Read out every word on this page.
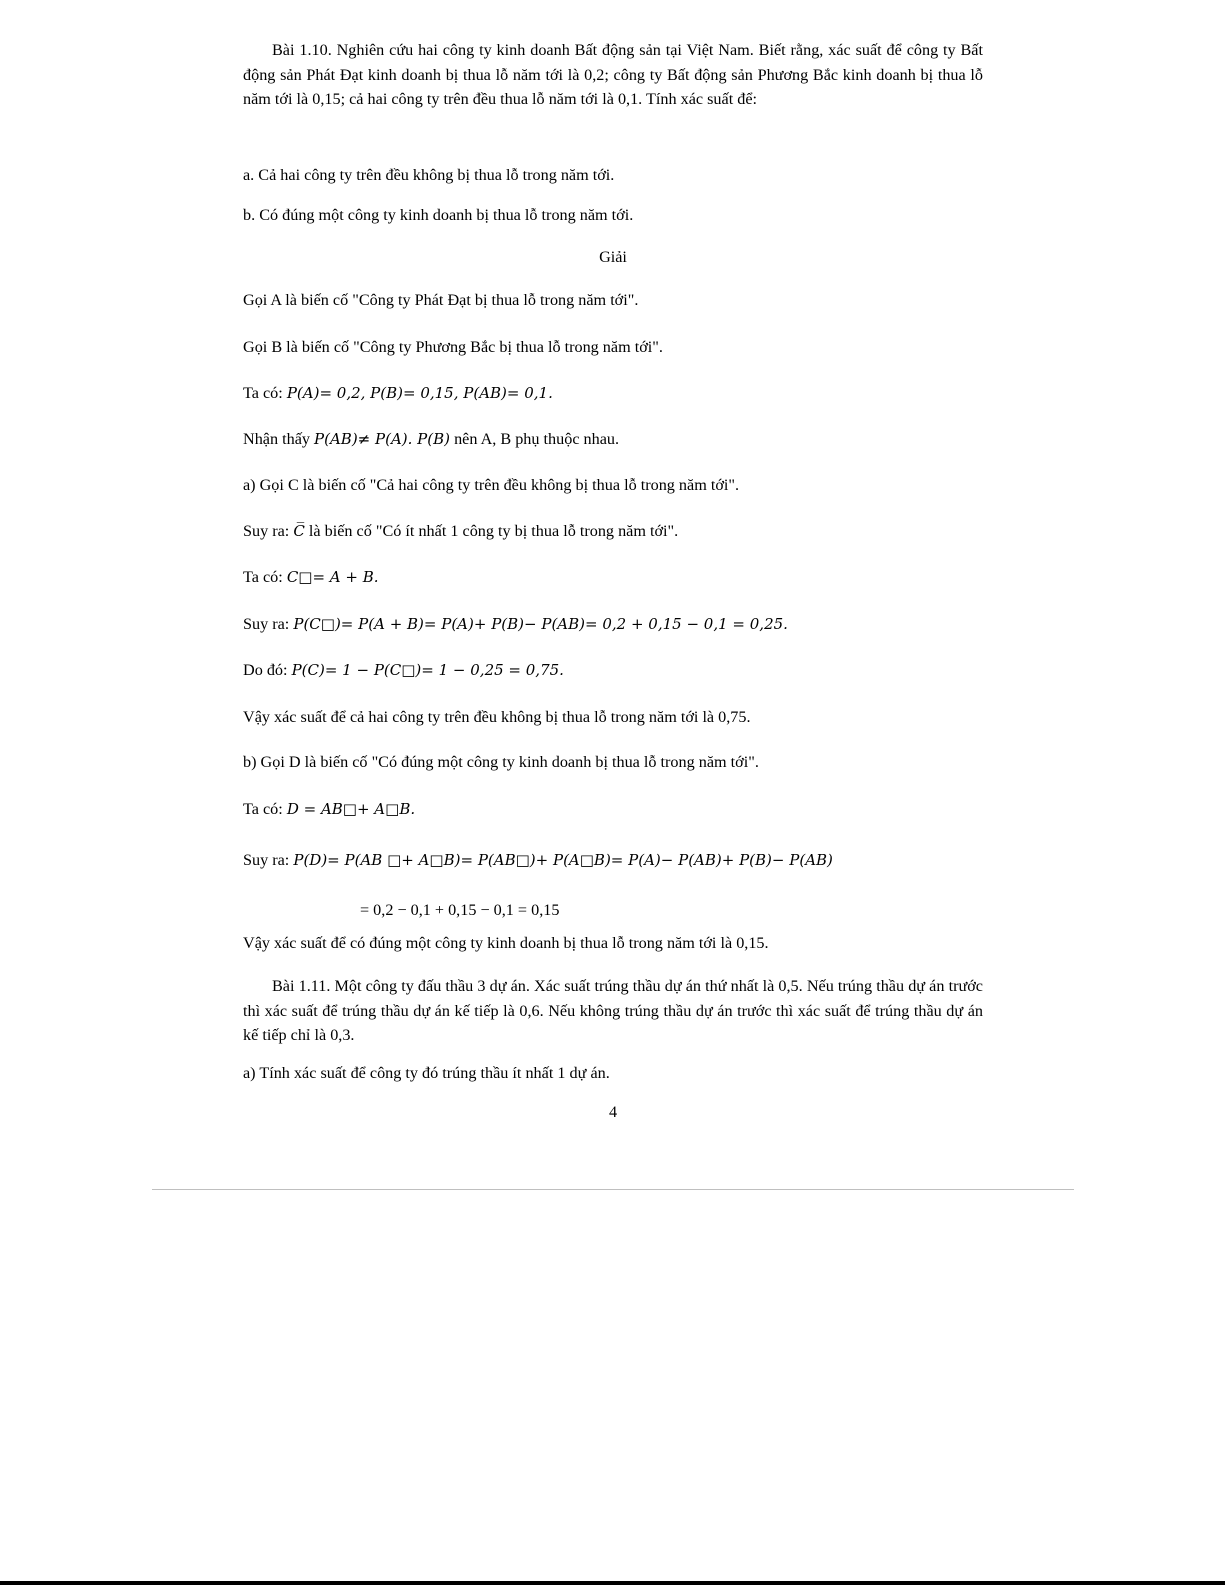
Bài 1.10. Nghiên cứu hai công ty kinh doanh Bất động sản tại Việt Nam. Biết rằng, xác suất để công ty Bất động sản Phát Đạt kinh doanh bị thua lỗ năm tới là 0,2; công ty Bất động sản Phương Bắc kinh doanh bị thua lỗ năm tới là 0,15; cả hai công ty trên đều thua lỗ năm tới là 0,1. Tính xác suất để:

a. Cả hai công ty trên đều không bị thua lỗ trong năm tới.
b. Có đúng một công ty kinh doanh bị thua lỗ trong năm tới.
Giải
Gọi A là biến cố "Công ty Phát Đạt bị thua lỗ trong năm tới".
Gọi B là biến cố "Công ty Phương Bắc bị thua lỗ trong năm tới".
Ta có: P(A)= 0,2, P(B)= 0,15, P(AB)= 0,1.
Nhận thấy P(AB)≠ P(A). P(B) nên A, B phụ thuộc nhau.
a) Gọi C là biến cố "Cả hai công ty trên đều không bị thua lỗ trong năm tới".
Suy ra: C̅ là biến cố "Có ít nhất 1 công ty bị thua lỗ trong năm tới".
Ta có: C□= A + B.
Suy ra: P(C□)= P(A + B)= P(A)+ P(B)− P(AB)= 0,2 + 0,15 − 0,1 = 0,25.
Do đó: P(C)= 1 − P(C□)= 1 − 0,25 = 0,75.
Vậy xác suất để cả hai công ty trên đều không bị thua lỗ trong năm tới là 0,75.
b) Gọi D là biến cố "Có đúng một công ty kinh doanh bị thua lỗ trong năm tới".
Ta có: D = AB□+ A□B.
Suy ra: P(D)= P(AB □+ A□B)= P(AB□)+ P(A□B)= P(A)− P(AB)+ P(B)− P(AB)
= 0,2 − 0,1 + 0,15 − 0,1 = 0,15
Vậy xác suất để có đúng một công ty kinh doanh bị thua lỗ trong năm tới là 0,15.

Bài 1.11. Một công ty đấu thầu 3 dự án. Xác suất trúng thầu dự án thứ nhất là 0,5. Nếu trúng thầu dự án trước thì xác suất để trúng thầu dự án kế tiếp là 0,6. Nếu không trúng thầu dự án trước thì xác suất để trúng thầu dự án kế tiếp chỉ là 0,3.

a) Tính xác suất để công ty đó trúng thầu ít nhất 1 dự án.
4
